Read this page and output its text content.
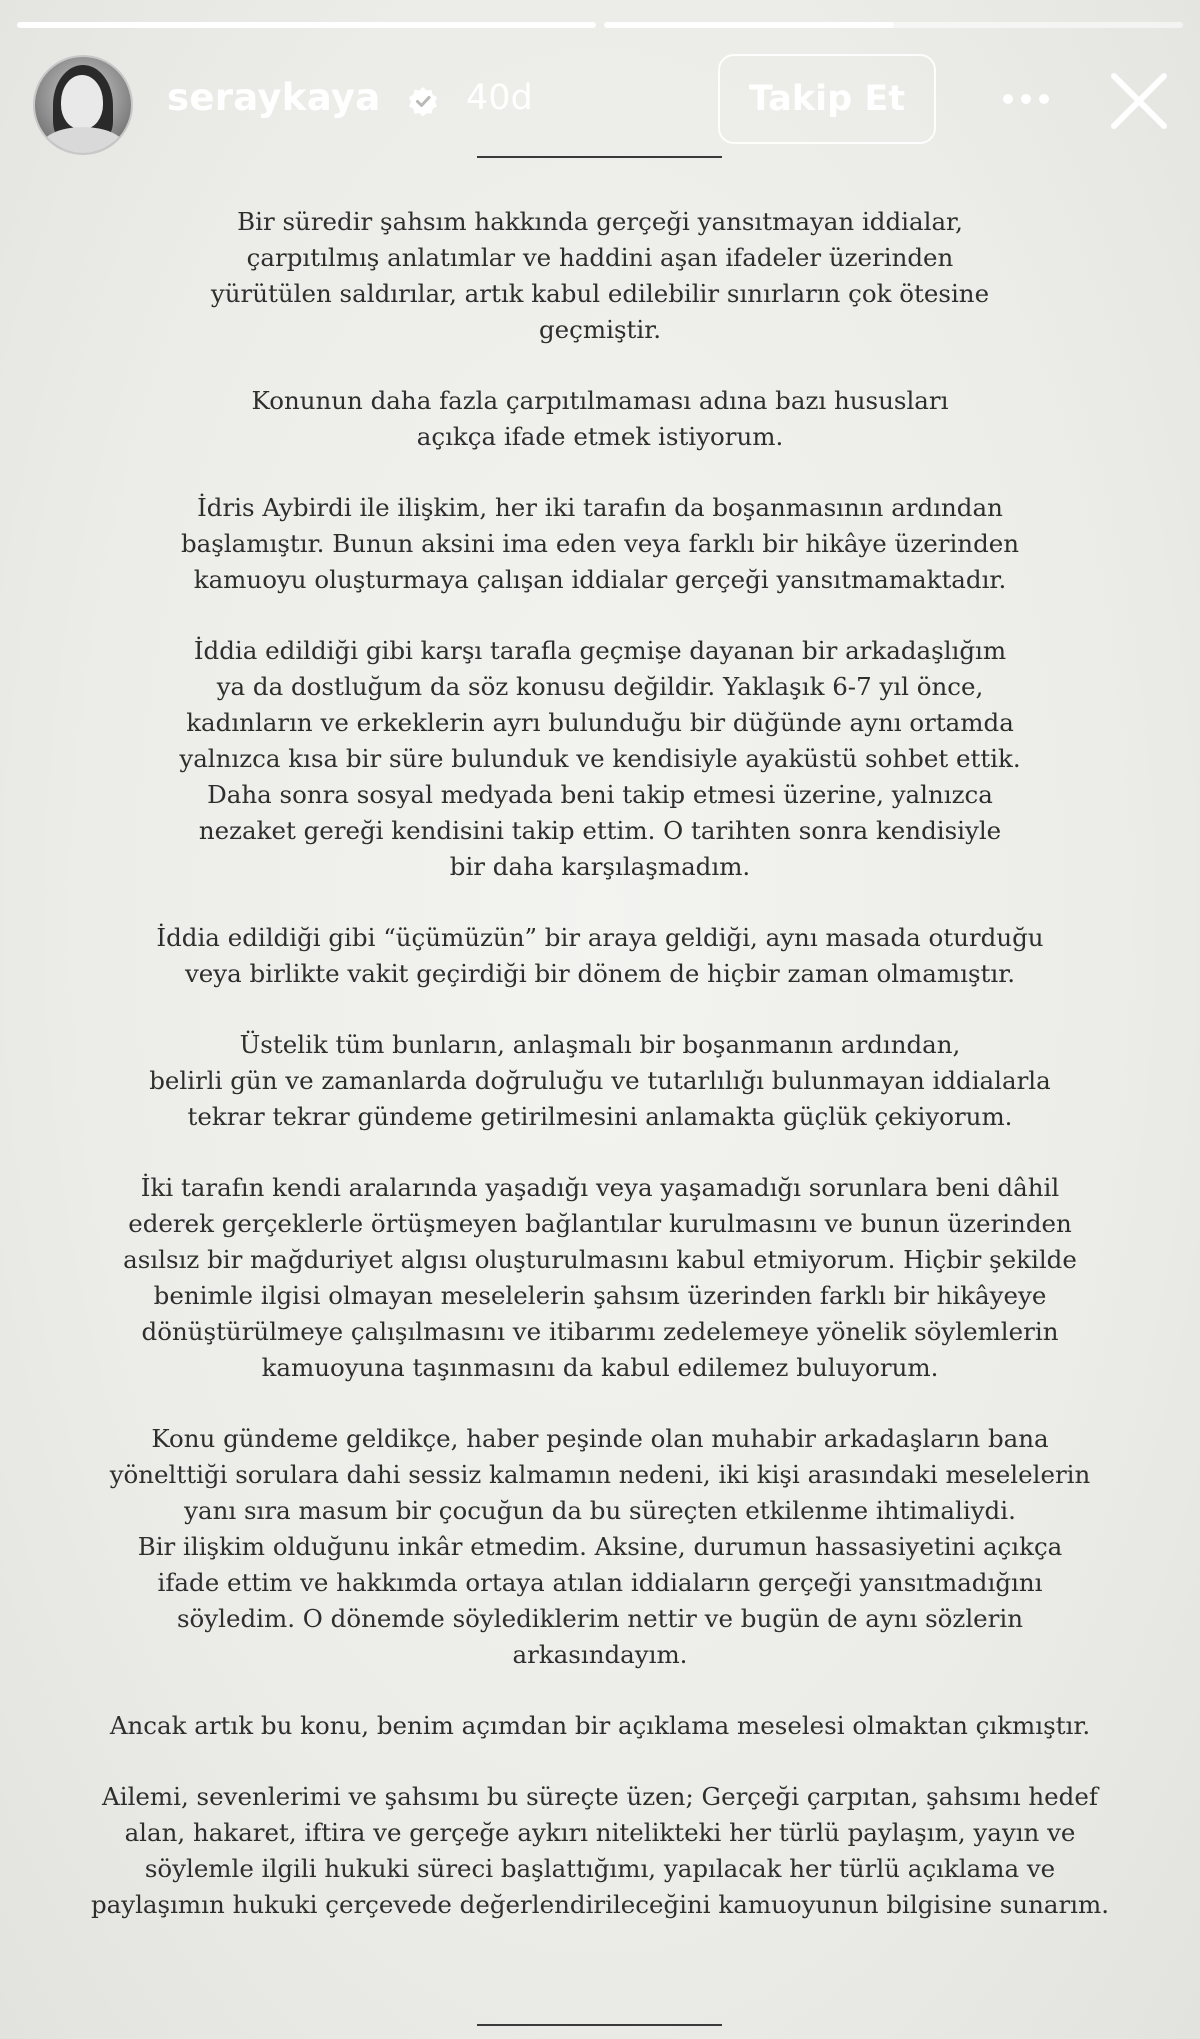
seraykaya 40d	Takip Et

Bir süredir şahsım hakkında gerçeği yansıtmayan iddialar,
çarpıtılmış anlatımlar ve haddini aşan ifadeler üzerinden
yürütülen saldırılar, artık kabul edilebilir sınırların çok ötesine
geçmiştir.

Konunun daha fazla çarpıtılmaması adına bazı hususları
açıkça ifade etmek istiyorum.

İdris Aybirdi ile ilişkim, her iki tarafın da boşanmasının ardından
başlamıştır. Bunun aksini ima eden veya farklı bir hikâye üzerinden
kamuoyu oluşturmaya çalışan iddialar gerçeği yansıtmamaktadır.

İddia edildiği gibi karşı tarafla geçmişe dayanan bir arkadaşlığım
ya da dostluğum da söz konusu değildir. Yaklaşık 6-7 yıl önce,
kadınların ve erkeklerin ayrı bulunduğu bir düğünde aynı ortamda
yalnızca kısa bir süre bulunduk ve kendisiyle ayaküstü sohbet ettik.
Daha sonra sosyal medyada beni takip etmesi üzerine, yalnızca
nezaket gereği kendisini takip ettim. O tarihten sonra kendisiyle
bir daha karşılaşmadım.

İddia edildiği gibi “üçümüzün” bir araya geldiği, aynı masada oturduğu
veya birlikte vakit geçirdiği bir dönem de hiçbir zaman olmamıştır.

Üstelik tüm bunların, anlaşmalı bir boşanmanın ardından,
belirli gün ve zamanlarda doğruluğu ve tutarlılığı bulunmayan iddialarla
tekrar tekrar gündeme getirilmesini anlamakta güçlük çekiyorum.

İki tarafın kendi aralarında yaşadığı veya yaşamadığı sorunlara beni dâhil
ederek gerçeklerle örtüşmeyen bağlantılar kurulmasını ve bunun üzerinden
asılsız bir mağduriyet algısı oluşturulmasını kabul etmiyorum. Hiçbir şekilde
benimle ilgisi olmayan meselelerin şahsım üzerinden farklı bir hikâyeye
dönüştürülmeye çalışılmasını ve itibarımı zedelemeye yönelik söylemlerin
kamuoyuna taşınmasını da kabul edilemez buluyorum.

Konu gündeme geldikçe, haber peşinde olan muhabir arkadaşların bana
yönelttiği sorulara dahi sessiz kalmamın nedeni, iki kişi arasındaki meselelerin
yanı sıra masum bir çocuğun da bu süreçten etkilenme ihtimaliydi.
Bir ilişkim olduğunu inkâr etmedim. Aksine, durumun hassasiyetini açıkça
ifade ettim ve hakkımda ortaya atılan iddiaların gerçeği yansıtmadığını
söyledim. O dönemde söylediklerim nettir ve bugün de aynı sözlerin
arkasındayım.

Ancak artık bu konu, benim açımdan bir açıklama meselesi olmaktan çıkmıştır.

Ailemi, sevenlerimi ve şahsımı bu süreçte üzen; Gerçeği çarpıtan, şahsımı hedef
alan, hakaret, iftira ve gerçeğe aykırı nitelikteki her türlü paylaşım, yayın ve
söylemle ilgili hukuki süreci başlattığımı, yapılacak her türlü açıklama ve
paylaşımın hukuki çerçevede değerlendirileceğini kamuoyunun bilgisine sunarım.
